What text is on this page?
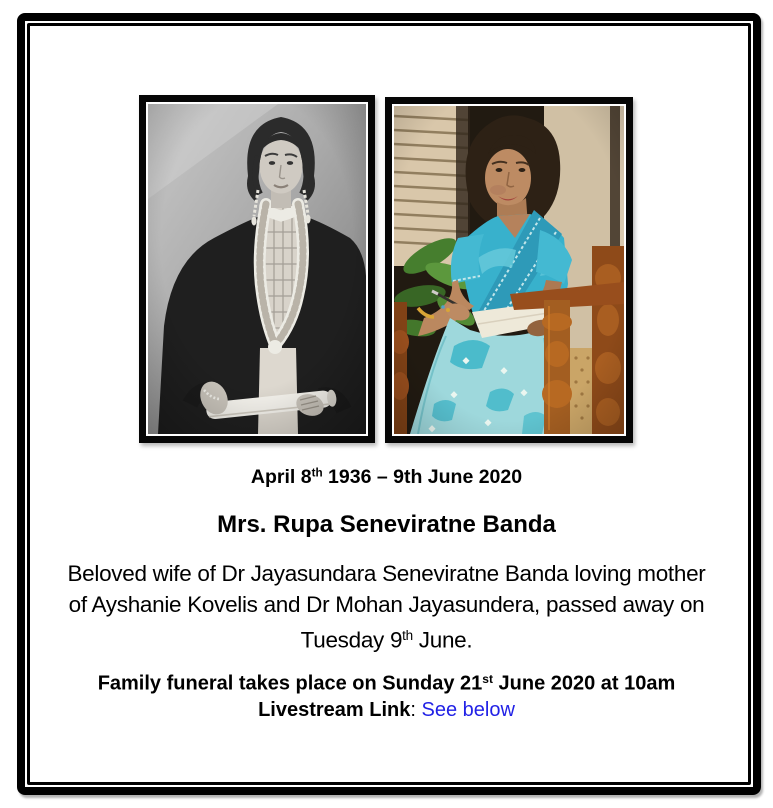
April 8th 1936 – 9th June 2020
Mrs. Rupa Seneviratne Banda
Beloved wife of Dr Jayasundara Seneviratne Banda loving mother
of Ayshanie Kovelis and Dr Mohan Jayasundera, passed away on
Tuesday 9th June.
Family funeral takes place on Sunday 21st June 2020 at 10am
Livestream Link: See below
